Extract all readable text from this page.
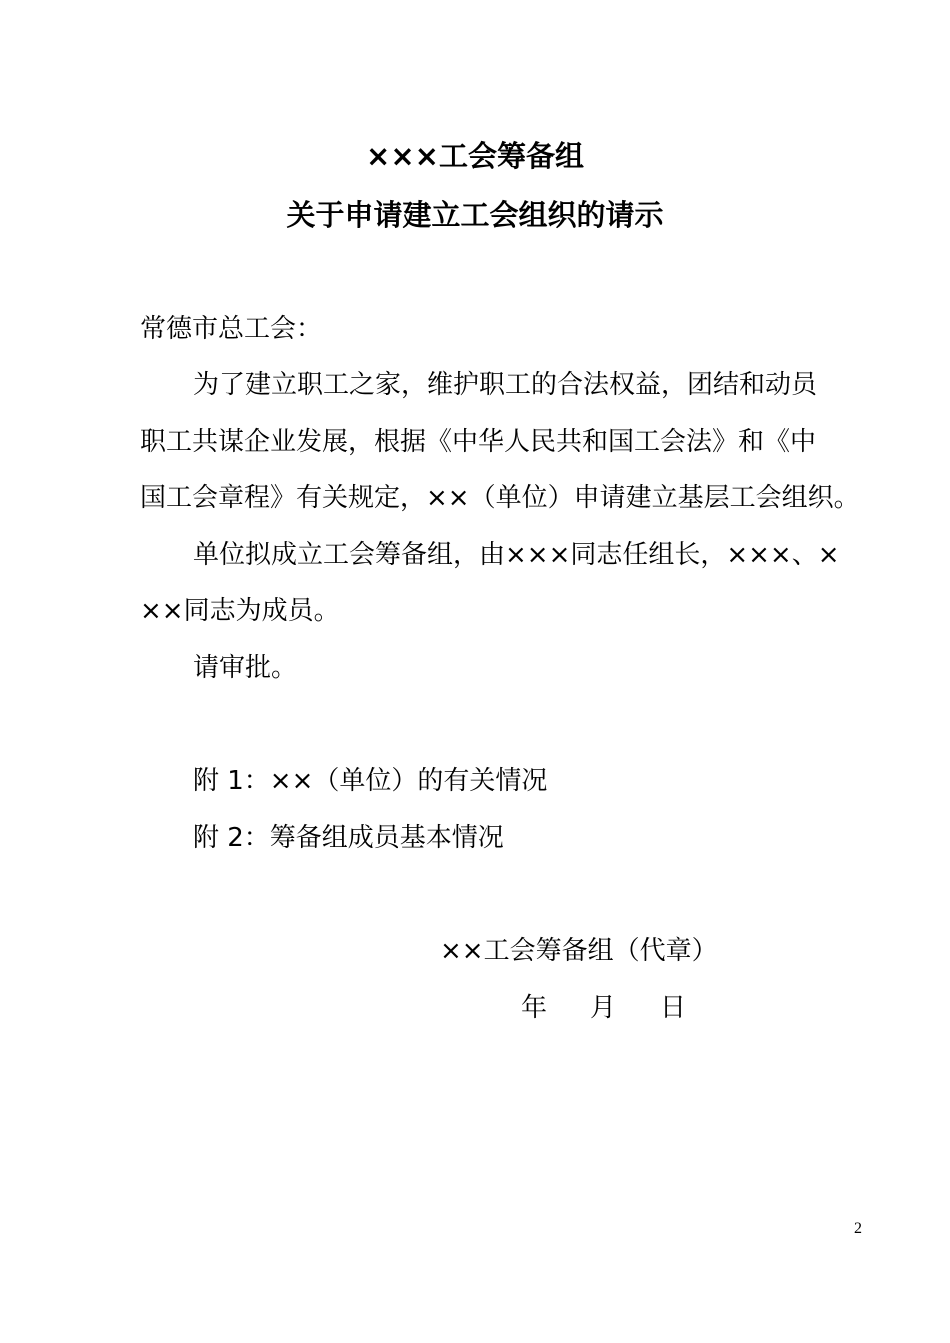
×××工会筹备组
关于申请建立工会组织的请示
常德市总工会：
为了建立职工之家，维护职工的合法权益，团结和动员
职工共谋企业发展，根据《中华人民共和国工会法》和《中
国工会章程》有关规定，××（单位）申请建立基层工会组织。
单位拟成立工会筹备组，由×××同志任组长，×××、×
××同志为成员。
请审批。
附 1：××（单位）的有关情况
附 2：筹备组成员基本情况
××工会筹备组（代章）
年 月 日
2
